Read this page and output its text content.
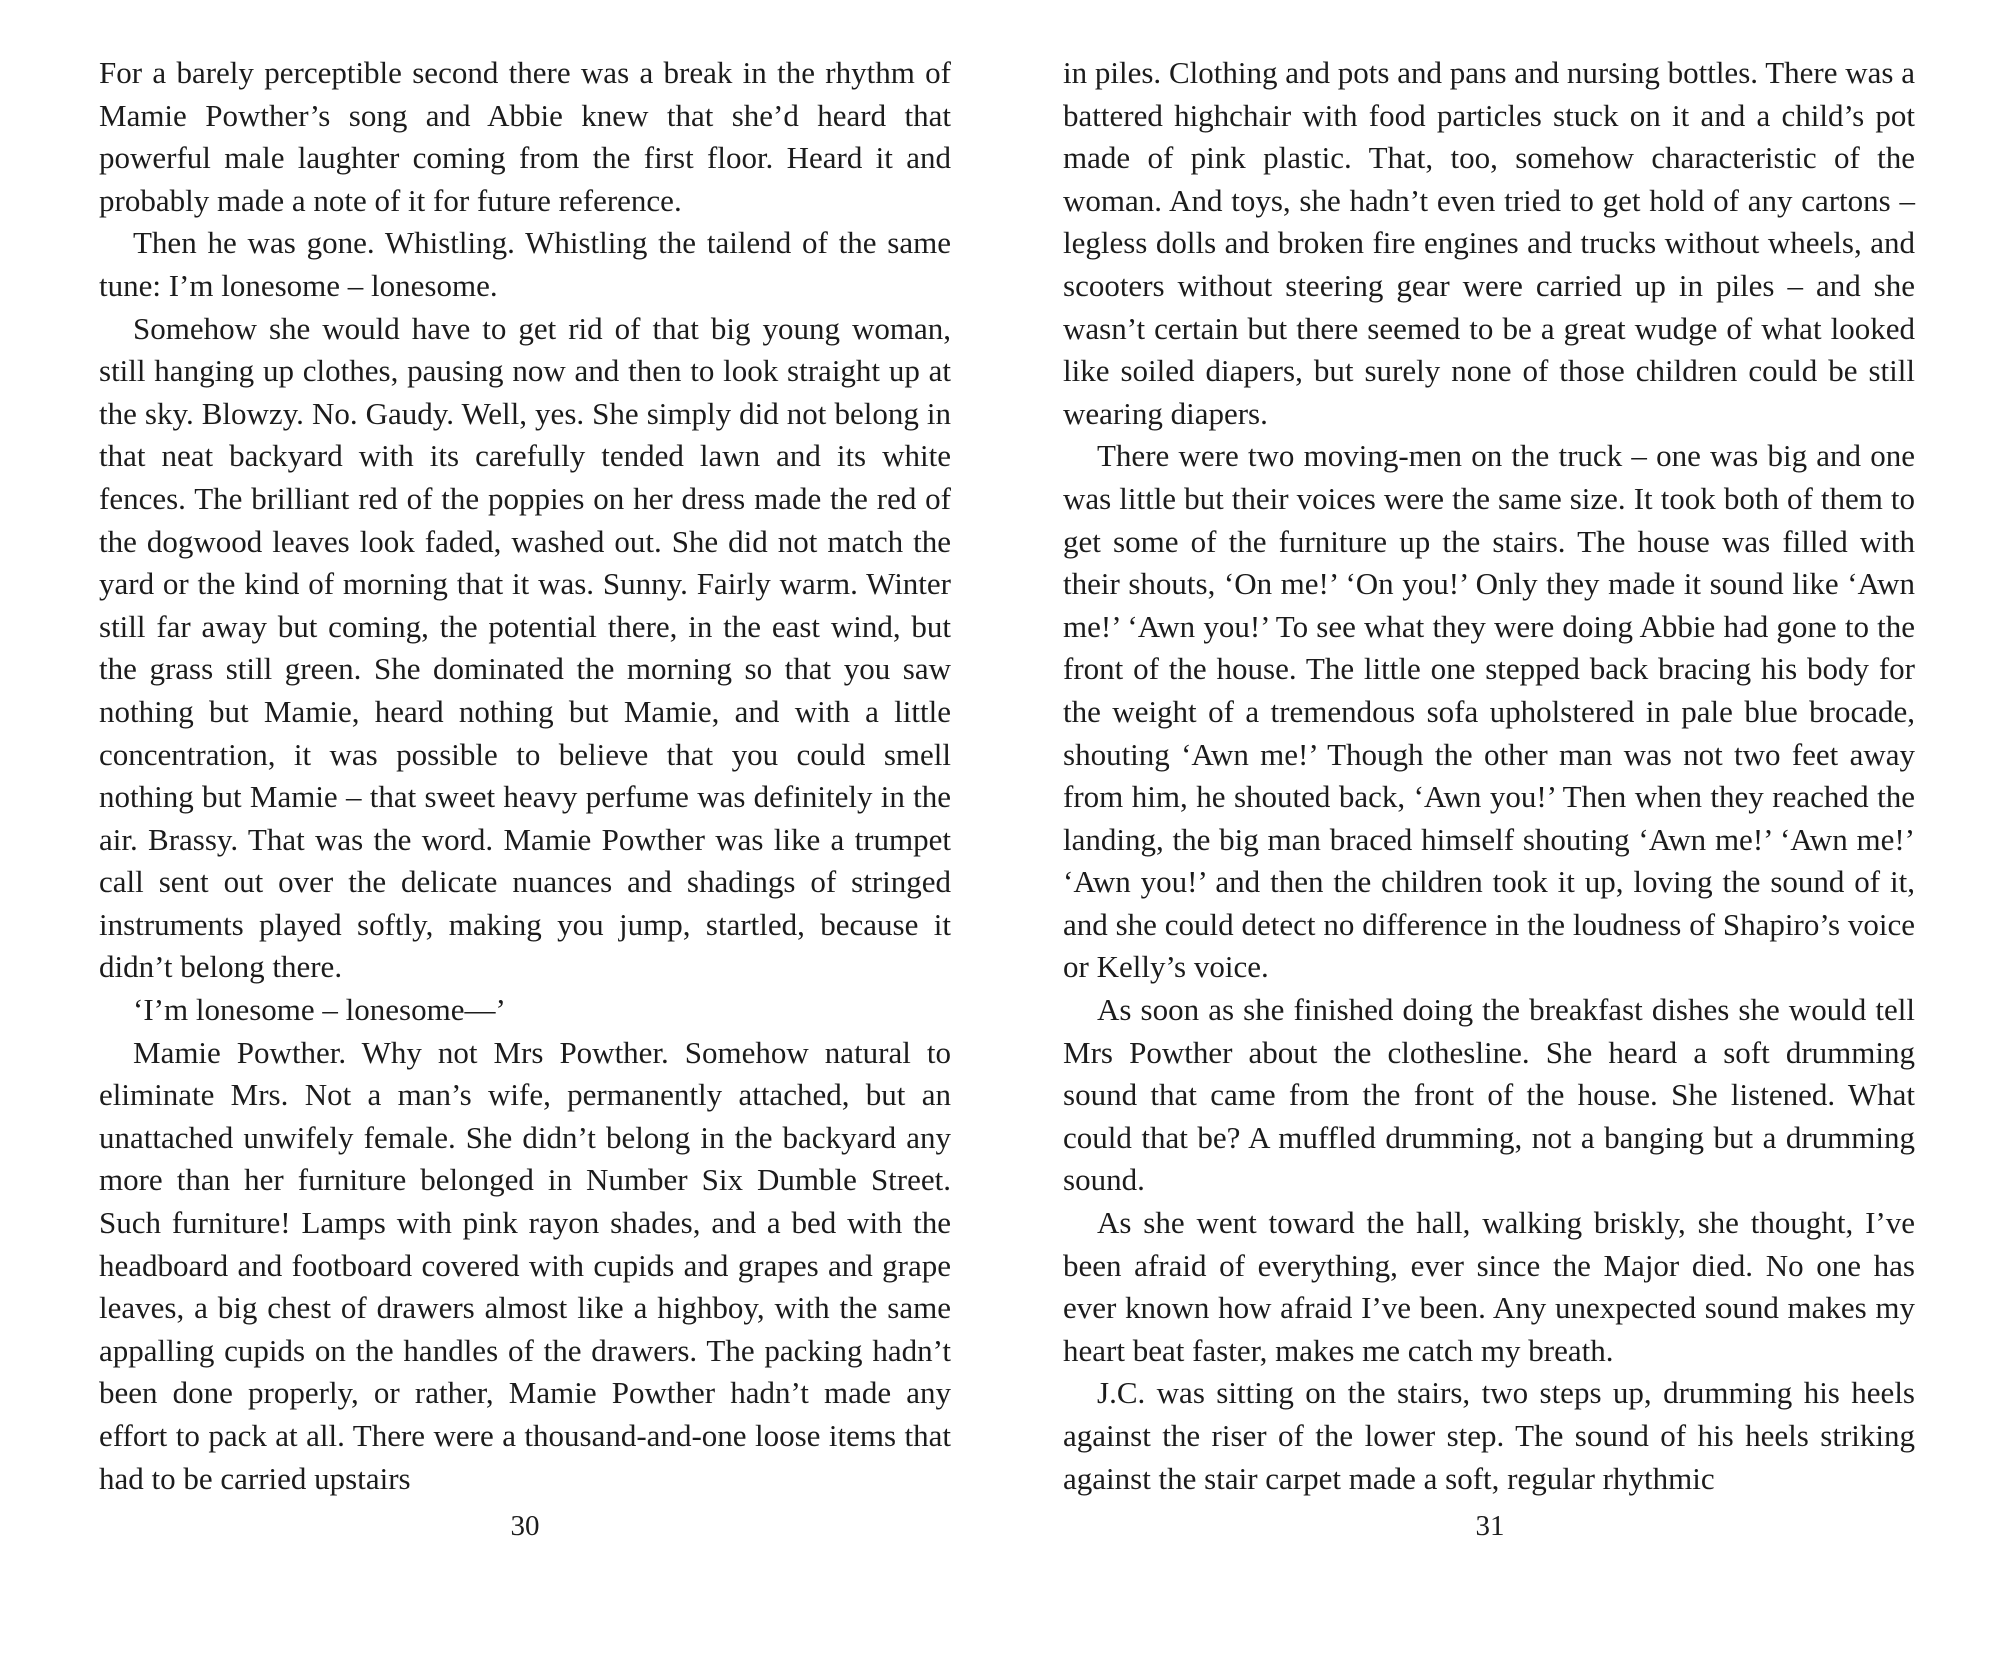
For a barely perceptible second there was a break in the rhythm of Mamie Powther’s song and Abbie knew that she’d heard that powerful male laughter coming from the first floor. Heard it and probably made a note of it for future reference.

Then he was gone. Whistling. Whistling the tailend of the same tune: I’m lonesome – lonesome.

Somehow she would have to get rid of that big young woman, still hanging up clothes, pausing now and then to look straight up at the sky. Blowzy. No. Gaudy. Well, yes. She simply did not belong in that neat backyard with its carefully tended lawn and its white fences. The brilliant red of the poppies on her dress made the red of the dogwood leaves look faded, washed out. She did not match the yard or the kind of morning that it was. Sunny. Fairly warm. Winter still far away but coming, the potential there, in the east wind, but the grass still green. She dominated the morning so that you saw nothing but Mamie, heard nothing but Mamie, and with a little concentration, it was possible to believe that you could smell nothing but Mamie – that sweet heavy perfume was definitely in the air. Brassy. That was the word. Mamie Powther was like a trumpet call sent out over the delicate nuances and shadings of stringed instruments played softly, making you jump, startled, because it didn’t belong there.

‘I’m lonesome – lonesome—’

Mamie Powther. Why not Mrs Powther. Somehow natural to eliminate Mrs. Not a man’s wife, permanently attached, but an unattached unwifely female. She didn’t belong in the backyard any more than her furniture belonged in Number Six Dumble Street. Such furniture! Lamps with pink rayon shades, and a bed with the headboard and footboard covered with cupids and grapes and grape leaves, a big chest of drawers almost like a highboy, with the same appalling cupids on the handles of the drawers. The packing hadn’t been done properly, or rather, Mamie Powther hadn’t made any effort to pack at all. There were a thousand-and-one loose items that had to be carried upstairs

30

in piles. Clothing and pots and pans and nursing bottles. There was a battered highchair with food particles stuck on it and a child’s pot made of pink plastic. That, too, somehow characteristic of the woman. And toys, she hadn’t even tried to get hold of any cartons – legless dolls and broken fire engines and trucks without wheels, and scooters without steering gear were carried up in piles – and she wasn’t certain but there seemed to be a great wudge of what looked like soiled diapers, but surely none of those children could be still wearing diapers.

There were two moving-men on the truck – one was big and one was little but their voices were the same size. It took both of them to get some of the furniture up the stairs. The house was filled with their shouts, ‘On me!’ ‘On you!’ Only they made it sound like ‘Awn me!’ ‘Awn you!’ To see what they were doing Abbie had gone to the front of the house. The little one stepped back bracing his body for the weight of a tremendous sofa upholstered in pale blue brocade, shouting ‘Awn me!’ Though the other man was not two feet away from him, he shouted back, ‘Awn you!’ Then when they reached the landing, the big man braced himself shouting ‘Awn me!’ ‘Awn me!’ ‘Awn you!’ and then the children took it up, loving the sound of it, and she could detect no difference in the loudness of Shapiro’s voice or Kelly’s voice.

As soon as she finished doing the breakfast dishes she would tell Mrs Powther about the clothesline. She heard a soft drumming sound that came from the front of the house. She listened. What could that be? A muffled drumming, not a banging but a drumming sound.

As she went toward the hall, walking briskly, she thought, I’ve been afraid of everything, ever since the Major died. No one has ever known how afraid I’ve been. Any unexpected sound makes my heart beat faster, makes me catch my breath.

J.C. was sitting on the stairs, two steps up, drumming his heels against the riser of the lower step. The sound of his heels striking against the stair carpet made a soft, regular rhythmic

31
